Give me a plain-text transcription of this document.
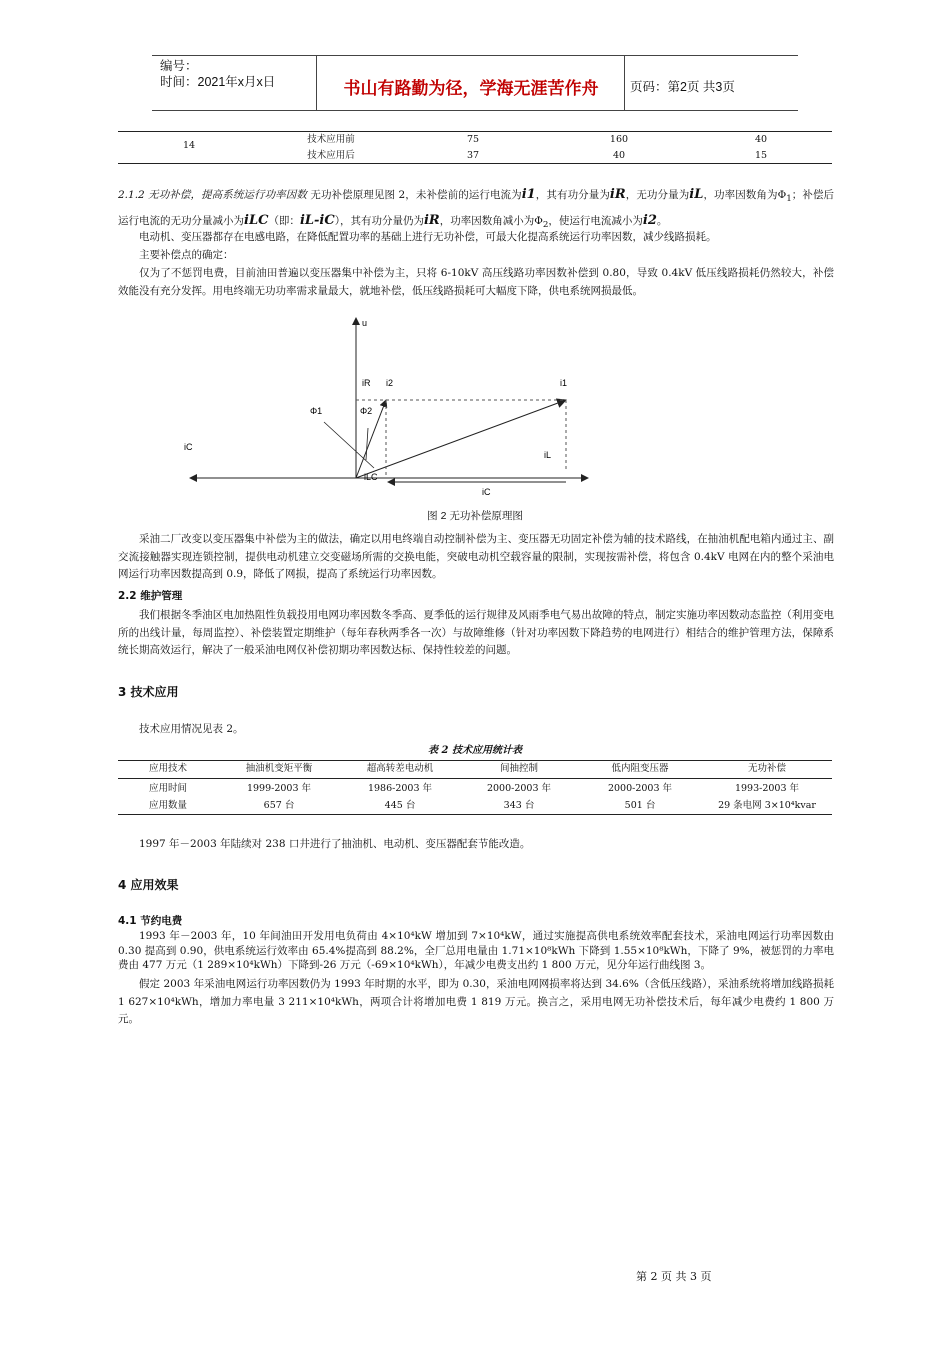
编号：
时间：2021年x月x日	书山有路勤为径，学海无涯苦作舟	页码：第2页 共3页
14
技术应用前	75	160	40
技术应用后	37	40	15

2.1.2 无功补偿，提高系统运行功率因数 无功补偿原理见图 2，未补偿前的运行电流为i1，其有功分量为iR，无功分量为iL，功率因数角为$\Phi_1$；补偿后运行电流的无功分量减小为iLC（即：iL-iC），其有功分量仍为iR，功率因数角减小为$\Phi_2$，使运行电流减小为i2。

电动机、变压器都存在电感电路，在降低配置功率的基础上进行无功补偿，可最大化提高系统运行功率因数，减少线路损耗。

主要补偿点的确定：

仅为了不惩罚电费，目前油田普遍以变压器集中补偿为主，只将 6-10kV 高压线路功率因数补偿到 0.80，导致 0.4kV 低压线路损耗仍然较大，补偿效能没有充分发挥。用电终端无功功率需求量最大，就地补偿，低压线路损耗可大幅度下降，供电系统网损最低。

u
iR i2	i1
Φ1	Φ2
iC
iL
iLC
iC
图 2 无功补偿原理图

采油二厂改变以变压器集中补偿为主的做法，确定以用电终端自动控制补偿为主、变压器无功固定补偿为辅的技术路线，在抽油机配电箱内通过主、副交流接触器实现连锁控制，提供电动机建立交变磁场所需的交换电能，突破电动机空载容量的限制，实现按需补偿，将包含 0.4kV 电网在内的整个采油电网运行功率因数提高到 0.9，降低了网损，提高了系统运行功率因数。

2.2 维护管理

我们根据冬季油区电加热阻性负载投用电网功率因数冬季高、夏季低的运行规律及风雨季电气易出故障的特点，制定实施功率因数动态监控（利用变电所的出线计量，每周监控）、补偿装置定期维护（每年春秋两季各一次）与故障维修（针对功率因数下降趋势的电网进行）相结合的维护管理方法，保障系统长期高效运行，解决了一般采油电网仅补偿初期功率因数达标、保持性较差的问题。

3 技术应用

技术应用情况见表 2。

表 2 技术应用统计表
应用技术	抽油机变矩平衡	超高转差电动机	间抽控制	低内阻变压器	无功补偿
应用时间	1999-2003 年	1986-2003 年	2000-2003 年	2000-2003 年	1993-2003 年
应用数量	657 台	445 台	343 台	501 台	29 条电网 3×10⁴kvar

1997 年－2003 年陆续对 238 口井进行了抽油机、电动机、变压器配套节能改造。

4 应用效果
4.1 节约电费

1993 年－2003 年，10 年间油田开发用电负荷由 4×10⁴kW 增加到 7×10⁴kW，通过实施提高供电系统效率配套技术，采油电网运行功率因数由 0.30 提高到 0.90，供电系统运行效率由 65.4%提高到 88.2%，全厂总用电量由 1.71×10⁸kWh 下降到 1.55×10⁸kWh，下降了 9%，被惩罚的力率电费由 477 万元（1 289×10⁴kWh）下降到-26 万元（-69×10⁴kWh），年减少电费支出约 1 800 万元，见分年运行曲线图 3。

假定 2003 年采油电网运行功率因数仍为 1993 年时期的水平，即为 0.30，采油电网网损率将达到 34.6%（含低压线路），采油系统将增加线路损耗 1 627×10⁴kWh，增加力率电量 3 211×10⁴kWh，两项合计将增加电费 1 819 万元。换言之，采用电网无功补偿技术后，每年减少电费约 1 800 万元。

第 2 页 共 3 页
